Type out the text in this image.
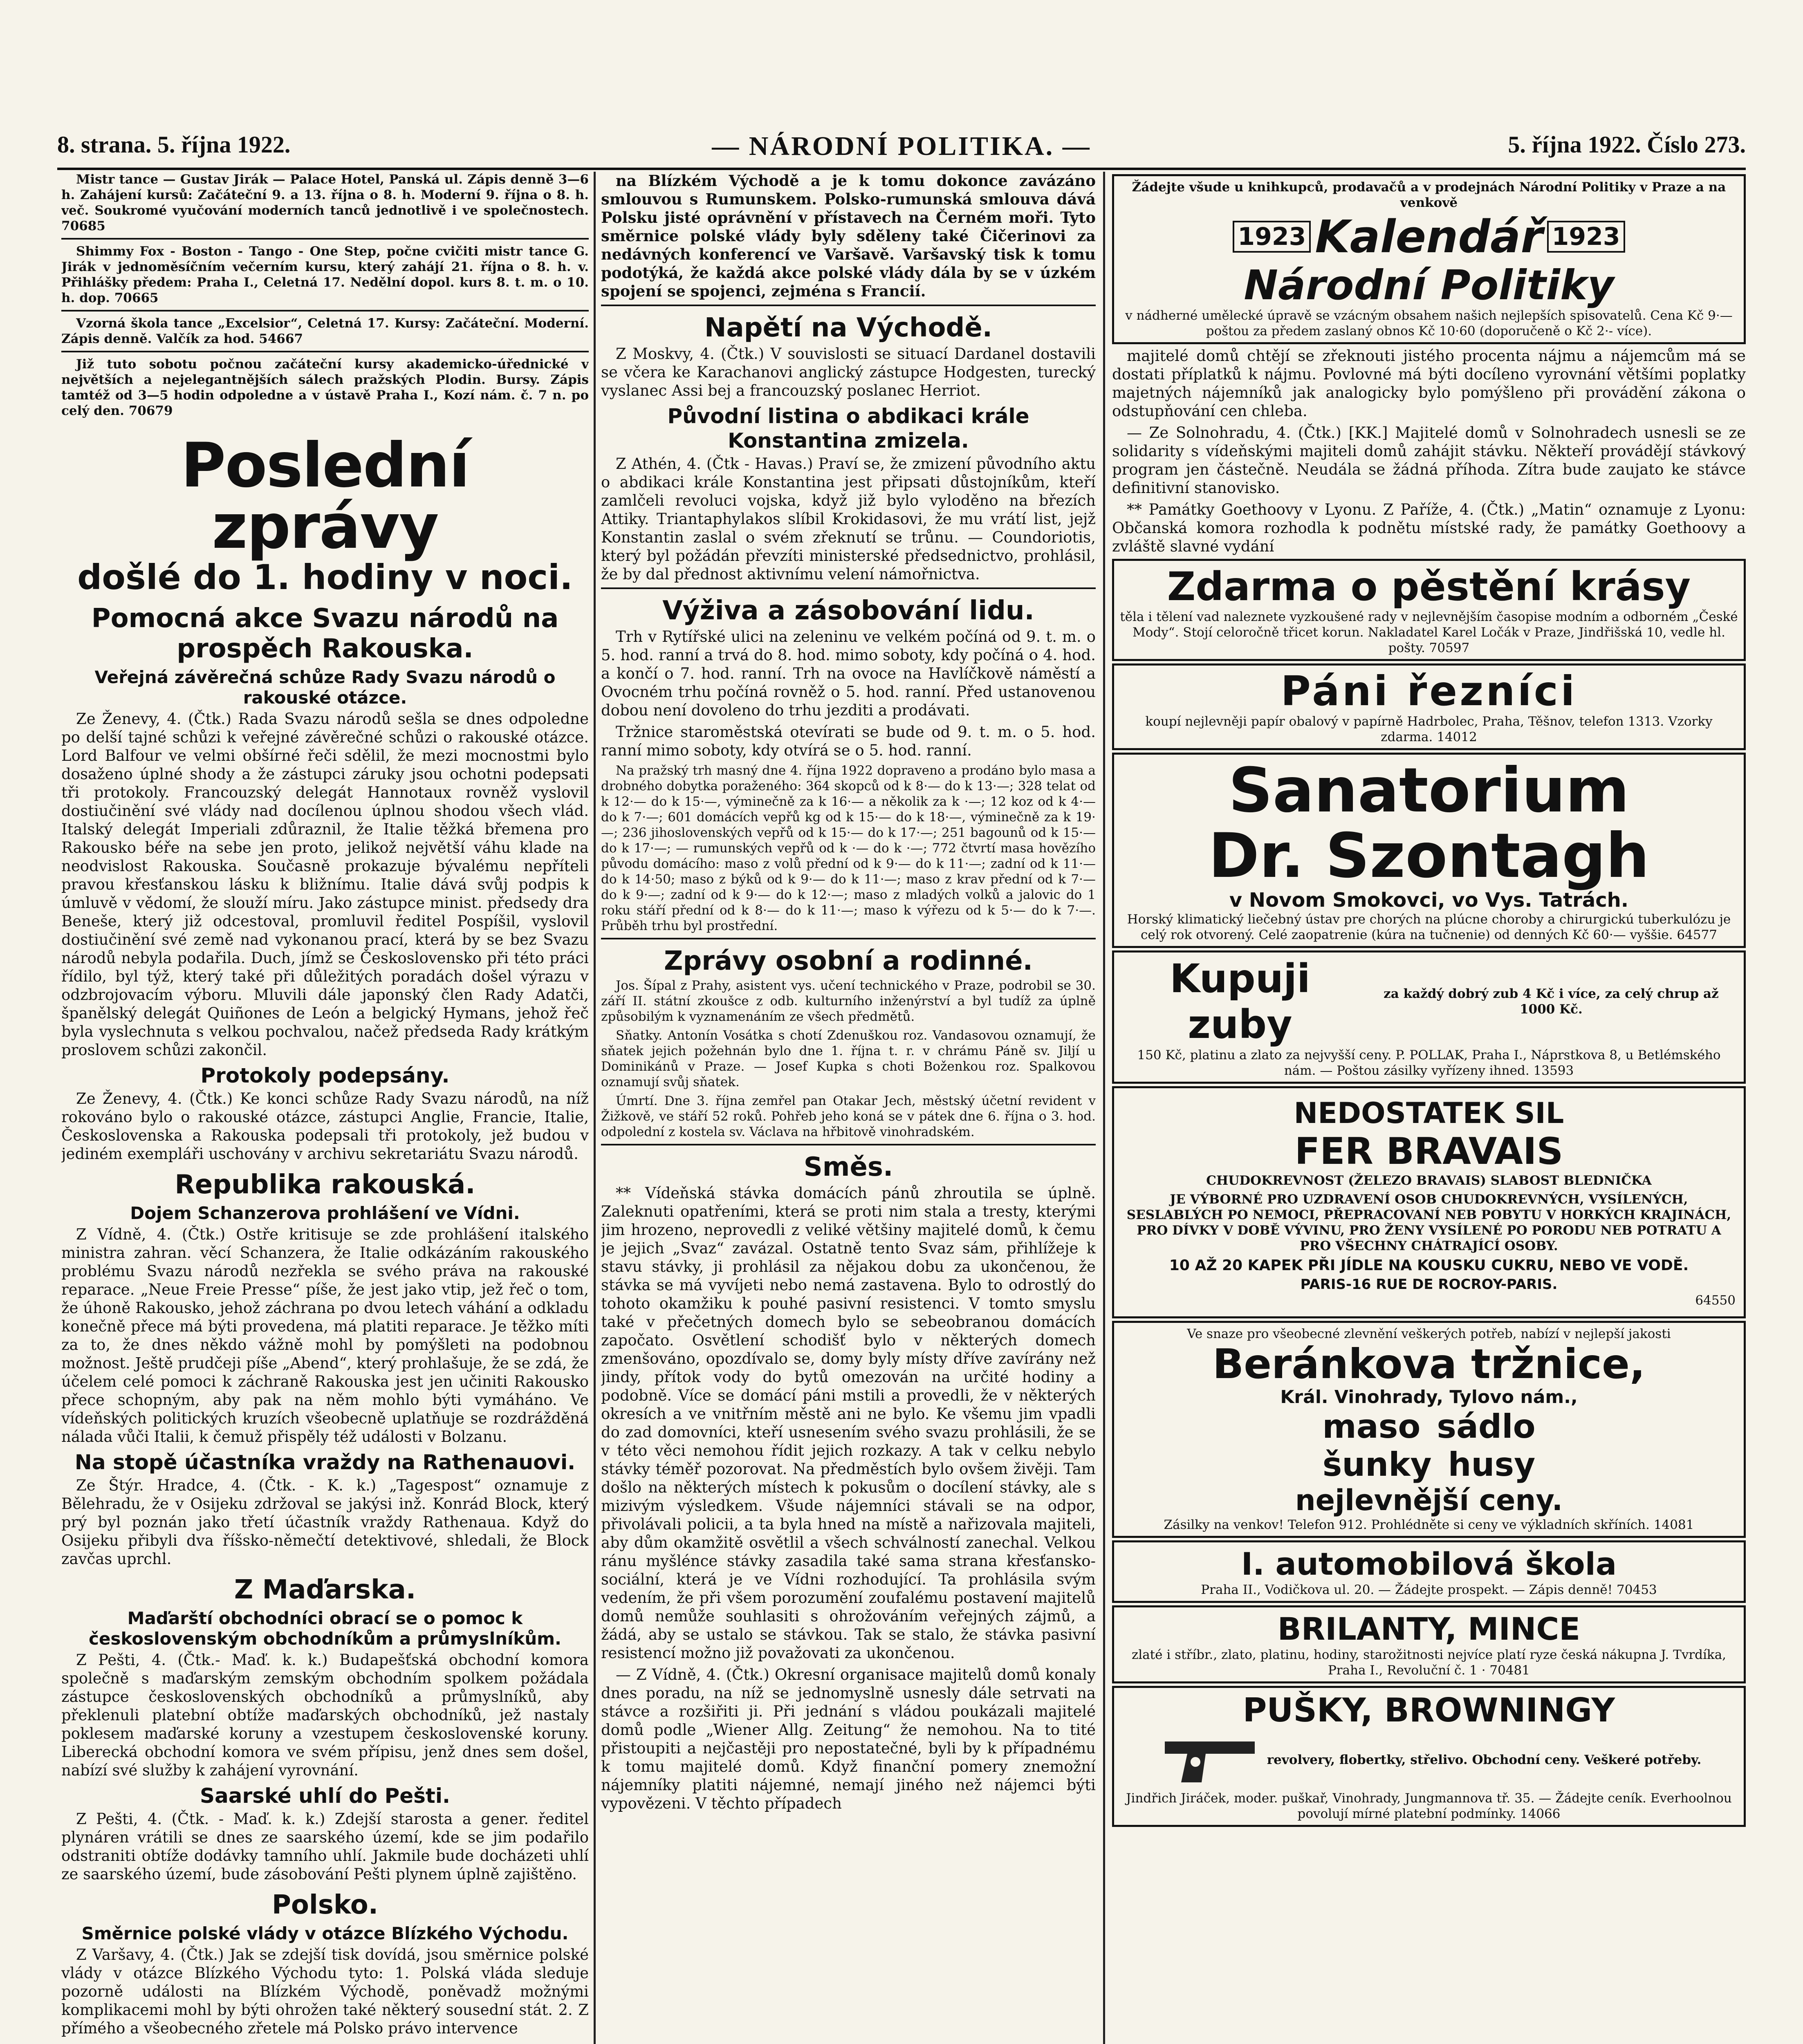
8. strana. 5. října 1922.	— NÁRODNÍ POLITIKA. —	5. října 1922. Číslo 273.

Mistr tance — Gustav Jirák — Palace Hotel, Panská ul. Zápis denně 3—6 h. Zahájení kursů: Začáteční 9. a 13. října o 8. h. Moderní 9. října o 8. h. več. Soukromé vyučování moderních tanců jednotlivě i ve společnostech. 70685

Shimmy Fox - Boston - Tango - One Step, počne cvičiti mistr tance G. Jirák v jednoměsíčním večerním kursu, který zahájí 21. října o 8. h. v. Přihlášky předem: Praha I., Celetná 17. Nedělní dopol. kurs 8. t. m. o 10. h. dop. 70665

Vzorná škola tance „Excelsior“, Celetná 17. Kursy: Začáteční. Moderní. Zápis denně. Valčík za hod. 54667

Již tuto sobotu počnou začáteční kursy akademicko-úřednické v největších a nejelegantnějších sálech pražských Plodin. Bursy. Zápis tamtéž od 3—5 hodin odpoledne a v ústavě Praha I., Kozí nám. č. 7 n. po celý den. 70679

Poslední zprávy
došlé do 1. hodiny v noci.
Pomocná akce Svazu národů na prospěch Rakouska.
Veřejná závěrečná schůze Rady Svazu národů o rakouské otázce.

Ze Ženevy, 4. (Čtk.) Rada Svazu národů sešla se dnes odpoledne po delší tajné schůzi k veřejné závěrečné schůzi o rakouské otázce. Lord Balfour ve velmi obšírné řeči sdělil, že mezi mocnostmi bylo dosaženo úplné shody a že zástupci záruky jsou ochotni podepsati tři protokoly. Francouzský delegát Hannotaux rovněž vyslovil dostiučinění své vlády nad docílenou úplnou shodou všech vlád. Italský delegát Imperiali zdůraznil, že Italie těžká břemena pro Rakousko béře na sebe jen proto, jelikož největší váhu klade na neodvislost Rakouska. Současně prokazuje bývalému nepříteli pravou křesťanskou lásku k bližnímu. Italie dává svůj podpis k úmluvě v vědomí, že slouží míru. Jako zástupce minist. předsedy dra Beneše, který již odcestoval, promluvil ředitel Pospíšil, vyslovil dostiučinění své země nad vykonanou prací, která by se bez Svazu národů nebyla podařila. Duch, jímž se Československo při této práci řídilo, byl týž, který také při důležitých poradách došel výrazu v odzbrojovacím výboru. Mluvili dále japonský člen Rady Adatči, španělský delegát Quiñones de León a belgický Hymans, jehož řeč byla vyslechnuta s velkou pochvalou, načež předseda Rady krátkým proslovem schůzi zakončil.

Protokoly podepsány.

Ze Ženevy, 4. (Čtk.) Ke konci schůze Rady Svazu národů, na níž rokováno bylo o rakouské otázce, zástupci Anglie, Francie, Italie, Československa a Rakouska podepsali tři protokoly, jež budou v jediném exempláři uschovány v archivu sekretariátu Svazu národů.

Republika rakouská.
Dojem Schanzerova prohlášení ve Vídni.

Z Vídně, 4. (Čtk.) Ostře kritisuje se zde prohlášení italského ministra zahran. věcí Schanzera, že Italie odkázáním rakouského problému Svazu národů nezřekla se svého práva na rakouské reparace. „Neue Freie Presse“ píše, že jest jako vtip, jež řeč o tom, že úhoně Rakousko, jehož záchrana po dvou letech váhání a odkladu konečně přece má býti provedena, má platiti reparace. Je těžko míti za to, že dnes někdo vážně mohl by pomýšleti na podobnou možnost. Ještě prudčeji píše „Abend“, který prohlašuje, že se zdá, že účelem celé pomoci k záchraně Rakouska jest jen učiniti Rakousko přece schopným, aby pak na něm mohlo býti vymáháno. Ve vídeňských politických kruzích všeobecně uplatňuje se rozdrážděná nálada vůči Italii, k čemuž přispěly též události v Bolzanu.

Na stopě účastníka vraždy na Rathenauovi.

Ze Štýr. Hradce, 4. (Čtk. - K. k.) „Tagespost“ oznamuje z Bělehradu, že v Osijeku zdržoval se jakýsi inž. Konrád Block, který prý byl poznán jako třetí účastník vraždy Rathenaua. Když do Osijeku přibyli dva říšsko-němečtí detektivové, shledali, že Block zavčas uprchl.

Z Maďarska.
Maďarští obchodníci obrací se o pomoc k československým obchodníkům a průmyslníkům.

Z Pešti, 4. (Čtk.- Maď. k. k.) Budapešťská obchodní komora společně s maďarským zemským obchodním spolkem požádala zástupce československých obchodníků a průmyslníků, aby překlenuli platební obtíže maďarských obchodníků, jež nastaly poklesem maďarské koruny a vzestupem československé koruny. Liberecká obchodní komora ve svém přípisu, jenž dnes sem došel, nabízí své služby k zahájení vyrovnání.

Saarské uhlí do Pešti.

Z Pešti, 4. (Čtk. - Maď. k. k.) Zdejší starosta a gener. ředitel plynáren vrátili se dnes ze saarského území, kde se jim podařilo odstraniti obtíže dodávky tamního uhlí. Jakmile bude docházeti uhlí ze saarského území, bude zásobování Pešti plynem úplně zajištěno.

Polsko.
Směrnice polské vlády v otázce Blízkého Východu.

Z Varšavy, 4. (Čtk.) Jak se zdejší tisk dovídá, jsou směrnice polské vlády v otázce Blízkého Východu tyto: 1. Polská vláda sleduje pozorně události na Blízkém Východě, poněvadž možnými komplikacemi mohl by býti ohrožen také některý sousední stát. 2. Z přímého a všeobecného zřetele má Polsko právo intervence

na Blízkém Východě a je k tomu dokonce zavázáno smlouvou s Rumunskem. Polsko-rumunská smlouva dává Polsku jisté oprávnění v přístavech na Černém moři. Tyto směrnice polské vlády byly sděleny také Čičerinovi za nedávných konferencí ve Varšavě. Varšavský tisk k tomu podotýká, že každá akce polské vlády dála by se v úzkém spojení se spojenci, zejména s Francií.

Napětí na Východě.

Z Moskvy, 4. (Čtk.) V souvislosti se situací Dardanel dostavili se včera ke Karachanovi anglický zástupce Hodgesten, turecký vyslanec Assi bej a francouzský poslanec Herriot.

Původní listina o abdikaci krále Konstantina zmizela.

Z Athén, 4. (Čtk - Havas.) Praví se, že zmizení původního aktu o abdikaci krále Konstantina jest připsati důstojníkům, kteří zamlčeli revoluci vojska, když již bylo vyloděno na březích Attiky. Triantaphylakos slíbil Krokidasovi, že mu vrátí list, jejž Konstantin zaslal o svém zřeknutí se trůnu. — Coundoriotis, který byl požádán převzíti ministerské předsednictvo, prohlásil, že by dal přednost aktivnímu velení námořnictva.

Výživa a zásobování lidu.

Trh v Rytířské ulici na zeleninu ve velkém počíná od 9. t. m. o 5. hod. ranní a trvá do 8. hod. mimo soboty, kdy počíná o 4. hod. a končí o 7. hod. ranní. Trh na ovoce na Havlíčkově náměstí a Ovocném trhu počíná rovněž o 5. hod. ranní. Před ustanovenou dobou není dovoleno do trhu jezditi a prodávati.

Tržnice staroměstská otevírati se bude od 9. t. m. o 5. hod. ranní mimo soboty, kdy otvírá se o 5. hod. ranní.

Na pražský trh masný dne 4. října 1922 dopraveno a prodáno bylo masa a drobného dobytka poraženého: 364 skopců od k 8·— do k 13·—; 328 telat od k 12·— do k 15·—, výminečně za k 16·— a několik za k ·—; 12 koz od k 4·— do k 7·—; 601 domácích vepřů kg od k 15·— do k 18·—, výminečně za k 19·—; 236 jihoslovenských vepřů od k 15·— do k 17·—; 251 bagounů od k 15·— do k 17·—; — rumunských vepřů od k ·— do k ·—; 772 čtvrtí masa hovězího původu domácího: maso z volů přední od k 9·— do k 11·—; zadní od k 11·— do k 14·50; maso z býků od k 9·— do k 11·—; maso z krav přední od k 7·— do k 9·—; zadní od k 9·— do k 12·—; maso z mladých volků a jalovic do 1 roku stáří přední od k 8·— do k 11·—; maso k výřezu od k 5·— do k 7·—. Průběh trhu byl prostřední.

Zprávy osobní a rodinné.

Jos. Šípal z Prahy, asistent vys. učení technického v Praze, podrobil se 30. září II. státní zkoušce z odb. kulturního inženýrství a byl tudíž za úplně způsobilým k vyznamenáním ze všech předmětů.

Sňatky. Antonín Vosátka s chotí Zdenuškou roz. Vandasovou oznamují, že sňatek jejich požehnán bylo dne 1. října t. r. v chrámu Páně sv. Jiljí u Dominikánů v Praze. — Josef Kupka s choti Boženkou roz. Spalkovou oznamují svůj sňatek.

Úmrtí. Dne 3. října zemřel pan Otakar Jech, městský účetní revident v Žižkově, ve stáří 52 roků. Pohřeb jeho koná se v pátek dne 6. října o 3. hod. odpolední z kostela sv. Václava na hřbitově vinohradském.

Směs.

** Vídeňská stávka domácích pánů zhroutila se úplně. Zaleknuti opatřeními, která se proti nim stala a tresty, kterými jim hrozeno, neprovedli z veliké většiny majitelé domů, k čemu je jejich „Svaz“ zavázal. Ostatně tento Svaz sám, přihlížeje k stavu stávky, ji prohlásil za nějakou dobu za ukončenou, že stávka se má vyvíjeti nebo nemá zastavena. Bylo to odrostlý do tohoto okamžiku k pouhé pasivní resistenci. V tomto smyslu také v přečetných domech bylo se sebeobranou domácích započato. Osvětlení schodišť bylo v některých domech zmenšováno, opozdívalo se, domy byly místy dříve zavírány než jindy, přítok vody do bytů omezován na určité hodiny a podobně. Více se domácí páni mstili a provedli, že v některých okresích a ve vnitřním městě ani ne bylo. Ke všemu jim vpadli do zad domovníci, kteří usnesením svého svazu prohlásili, že se v této věci nemohou řídit jejich rozkazy. A tak v celku nebylo stávky téměř pozorovat. Na předměstích bylo ovšem živěji. Tam došlo na některých místech k pokusům o docílení stávky, ale s mizivým výsledkem. Všude nájemníci stávali se na odpor, přivolávali policii, a ta byla hned na místě a nařizovala majiteli, aby dům okamžitě osvětlil a všech schválností zanechal. Velkou ránu myšlénce stávky zasadila také sama strana křesťansko-sociální, která je ve Vídni rozhodující. Ta prohlásila svým vedením, že při všem porozumění zoufalému postavení majitelů domů nemůže souhlasiti s ohrožováním veřejných zájmů, a žádá, aby se ustalo se stávkou. Tak se stalo, že stávka pasivní resistencí možno již považovati za ukončenou.

— Z Vídně, 4. (Čtk.) Okresní organisace majitelů domů konaly dnes poradu, na níž se jednomyslně usnesly dále setrvati na stávce a rozšiřiti ji. Při jednání s vládou poukázali majitelé domů podle „Wiener Allg. Zeitung“ že nemohou. Na to tité přistoupiti a nejčastěji pro nepostatečné, byli by k případnému k tomu majitelé domů. Když finanční pomery znemožní nájemníky platiti nájemné, nemají jiného než nájemci býti vypovězeni. V těchto případech

Žádejte všude u knihkupců, prodavačů a v prodejnách Národní Politiky v Praze a na venkově
1923 Kalendář 1923
Národní Politiky
v nádherné umělecké úpravě se vzácným obsahem našich nejlepších spisovatelů. Cena Kč 9·— poštou za předem zaslaný obnos Kč 10·60 (doporučeně o Kč 2·- více).

majitelé domů chtějí se zřeknouti jistého procenta nájmu a nájemcům má se dostati příplatků k nájmu. Povlovné má býti docíleno vyrovnání většími poplatky majetných nájemníků jak analogicky bylo pomýšleno při provádění zákona o odstupňování cen chleba.

— Ze Solnohradu, 4. (Čtk.) [KK.] Majitelé domů v Solnohradech usnesli se ze solidarity s vídeňskými majiteli domů zahájit stávku. Někteří provádějí stávkový program jen částečně. Neudála se žádná příhoda. Zítra bude zaujato ke stávce definitivní stanovisko.

** Památky Goethoovy v Lyonu. Z Paříže, 4. (Čtk.) „Matin“ oznamuje z Lyonu: Občanská komora rozhodla k podnětu místské rady, že památky Goethoovy a zvláště slavné vydání

Zdarma o pěstění krásy
těla i tělení vad naleznete vyzkoušené rady v nejlevnějším časopise modním a odborném „České Mody“. Stojí celoročně třicet korun. Nakladatel Karel Ločák v Praze, Jindřišská 10, vedle hl. pošty. 70597
Páni řezníci
koupí nejlevněji papír obalový v papírně Hadrbolec, Praha, Těšnov, telefon 1313. Vzorky zdarma. 14012
Sanatorium
Dr. Szontagh
v Novom Smokovci, vo Vys. Tatrách.
Horský klimatický liečebný ústav pre chorých na plúcne choroby a chirurgickú tuberkulózu je celý rok otvorený. Celé zaopatrenie (kúra na tučnenie) od denných Kč 60·— vyššie. 64577
Kupuji zuby
za každý dobrý zub 4 Kč i více, za celý chrup až 1000 Kč.
150 Kč, platinu a zlato za nejvyšší ceny. P. POLLAK, Praha I., Náprstkova 8, u Betlémského nám. — Poštou zásilky vyřízeny ihned. 13593
NEDOSTATEK SIL
FER BRAVAIS
CHUDOKREVNOST (ŽELEZO BRAVAIS) SLABOST BLEDNIČKA
JE VÝBORNÉ PRO UZDRAVENÍ OSOB CHUDOKREVNÝCH, VYSÍLENÝCH, SESLABLÝCH PO NEMOCI, PŘEPRACOVANÍ NEB POBYTU V HORKÝCH KRAJINÁCH, PRO DÍVKY V DOBĚ VÝVINU, PRO ŽENY VYSÍLENÉ PO PORODU NEB POTRATU A PRO VŠECHNY CHÁTRAJÍCÍ OSOBY.
10 AŽ 20 KAPEK PŘI JÍDLE NA KOUSKU CUKRU, NEBO VE VODĚ.
PARIS-16 RUE DE ROCROY-PARIS.
64550
Ve snaze pro všeobecné zlevnění veškerých potřeb, nabízí v nejlepší jakosti
Beránkova tržnice,
Král. Vinohrady, Tylovo nám.,
maso sádlo
šunky husy
nejlevnější ceny.
Zásilky na venkov! Telefon 912. Prohlédněte si ceny ve výkladních skříních. 14081
I. automobilová škola
Praha II., Vodičkova ul. 20. — Žádejte prospekt. — Zápis denně! 70453
BRILANTY, MINCE
zlaté i stříbr., zlato, platinu, hodiny, starožitnosti nejvíce platí ryze česká nákupna J. Tvrdíka, Praha I., Revoluční č. 1 · 70481
PUŠKY, BROWNINGY
revolvery, flobertky, střelivo. Obchodní ceny. Veškeré potřeby.
Jindřich Jiráček, moder. puškař, Vinohrady, Jungmannova tř. 35. — Žádejte ceník. Everhoolnou povolují mírné platební podmínky. 14066
